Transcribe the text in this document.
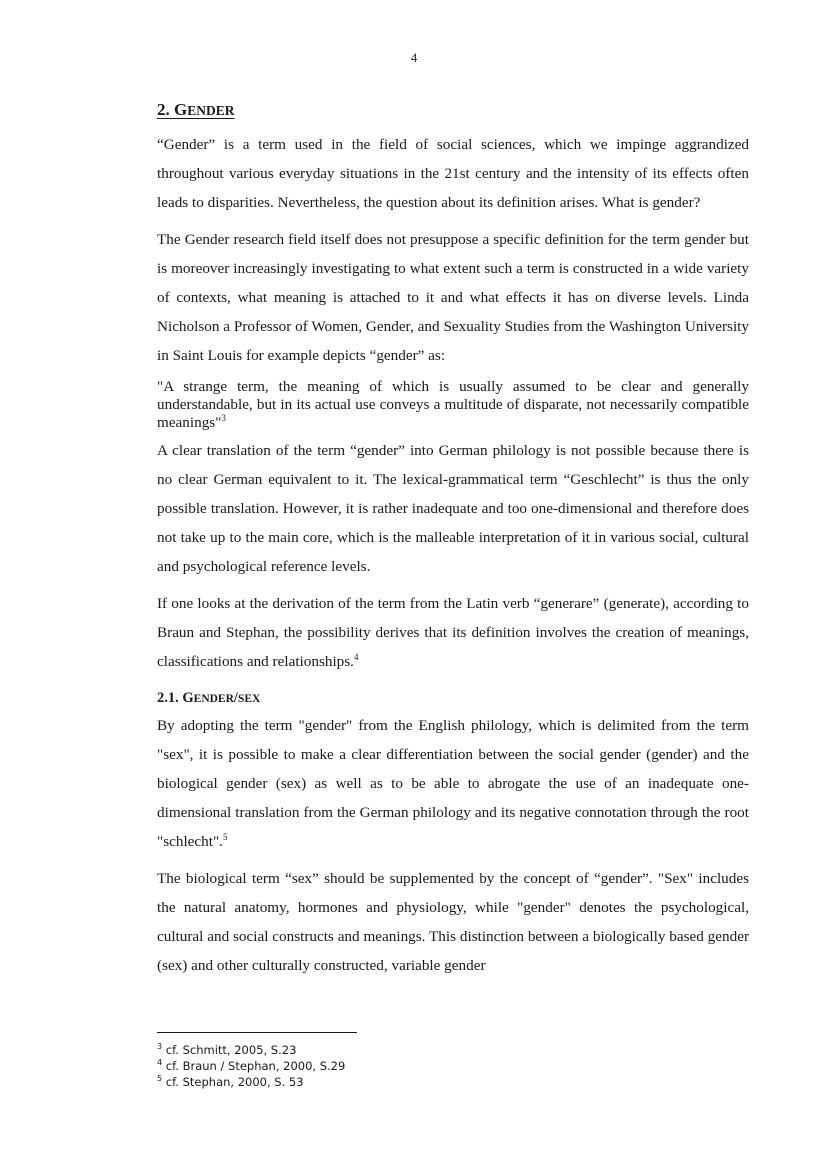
4
2. GENDER

“Gender” is a term used in the field of social sciences, which we impinge aggrandized throughout various everyday situations in the 21st century and the intensity of its effects often leads to disparities. Nevertheless, the question about its definition arises. What is gender?

The Gender research field itself does not presuppose a specific definition for the term gender but is moreover increasingly investigating to what extent such a term is constructed in a wide variety of contexts, what meaning is attached to it and what effects it has on diverse levels. Linda Nicholson a Professor of Women, Gender, and Sexuality Studies from the Washington University in Saint Louis for example depicts “gender” as:

"A strange term, the meaning of which is usually assumed to be clear and generally understandable, but in its actual use conveys a multitude of disparate, not necessarily compatible meanings"$^3$

A clear translation of the term “gender” into German philology is not possible because there is no clear German equivalent to it. The lexical-grammatical term “Geschlecht” is thus the only possible translation. However, it is rather inadequate and too one-dimensional and therefore does not take up to the main core, which is the malleable interpretation of it in various social, cultural and psychological reference levels.

If one looks at the derivation of the term from the Latin verb “generare” (generate), according to Braun and Stephan, the possibility derives that its definition involves the creation of meanings, classifications and relationships.$^4$

2.1. GENDER/SEX

By adopting the term "gender" from the English philology, which is delimited from the term "sex", it is possible to make a clear differentiation between the social gender (gender) and the biological gender (sex) as well as to be able to abrogate the use of an inadequate one-dimensional translation from the German philology and its negative connotation through the root "schlecht".$^5$

The biological term “sex” should be supplemented by the concept of “gender”. "Sex" includes the natural anatomy, hormones and physiology, while "gender" denotes the psychological, cultural and social constructs and meanings. This distinction between a biologically based gender (sex) and other culturally constructed, variable gender

$^3$ cf. Schmitt, 2005, S.23
$^4$ cf. Braun / Stephan, 2000, S.29
$^5$ cf. Stephan, 2000, S. 53
